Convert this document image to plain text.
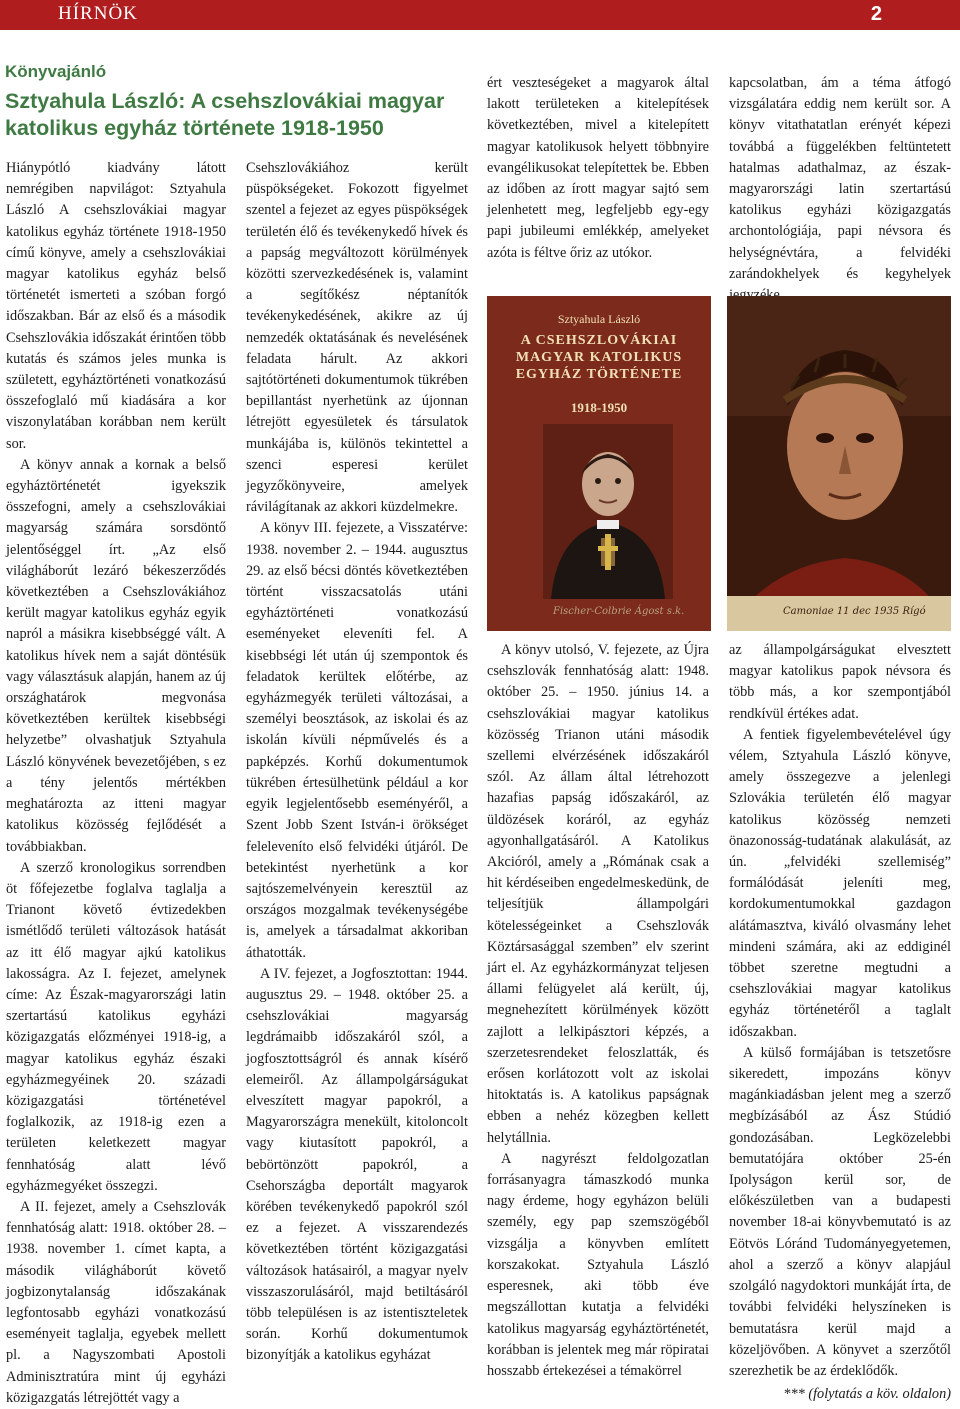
HÍRNÖK	2
Könyvajánló
Sztyahula László: A csehszlovákiai magyar katolikus egyház története 1918-1950

Hiánypótló kiadvány látott nemrégiben napvilágot: Sztyahula László A csehszlovákiai magyar katolikus egyház története 1918-1950 című könyve, amely a csehszlovákiai magyar katolikus egyház belső történetét ismerteti a szóban forgó időszakban. Bár az első és a második Csehszlovákia időszakát érintően több kutatás és számos jeles munka is született, egyháztörténeti vonatkozású összefoglaló mű kiadására a kor viszonylatában korábban nem került sor.

A könyv annak a kornak a belső egyháztörténetét igyekszik összefogni, amely a csehszlovákiai magyarság számára sorsdöntő jelentőséggel írt. „Az első világháborút lezáró békeszerződés következtében a Csehszlovákiához került magyar katolikus egyház egyik napról a másikra kisebbséggé vált. A katolikus hívek nem a saját döntésük vagy választásuk alapján, hanem az új országhatárok megvonása következtében kerültek kisebbségi helyzetbe” olvashatjuk Sztyahula László könyvének bevezetőjében, s ez a tény jelentős mértékben meghatározta az itteni magyar katolikus közösség fejlődését a továbbiakban.

A szerző kronologikus sorrendben öt főfejezetbe foglalva taglalja a Trianont követő évtizedekben ismétlődő területi változások hatását az itt élő magyar ajkú katolikus lakosságra. Az I. fejezet, amelynek címe: Az Észak-magyarországi latin szertartású katolikus egyházi közigazgatás előzményei 1918-ig, a magyar katolikus egyház északi egyházmegyéinek 20. századi közigazgatási történetével foglalkozik, az 1918-ig ezen a területen keletkezett magyar fennhatóság alatt lévő egyházmegyéket összegzi.

A II. fejezet, amely a Csehszlovák fennhatóság alatt: 1918. október 28. – 1938. november 1. címet kapta, a második világháborút követő jogbizonytalanság időszakának legfontosabb egyházi vonatkozású eseményeit taglalja, egyebek mellett pl. a Nagyszombati Apostoli Adminisztratúra mint új egyházi közigazgatás létrejöttét vagy a

Csehszlovákiához került püspökségeket. Fokozott figyelmet szentel a fejezet az egyes püspökségek területén élő és tevékenykedő hívek és a papság megváltozott körülmények közötti szervezkedésének is, valamint a segítőkész néptanítók tevékenykedésének, akikre az új nemzedék oktatásának és nevelésének feladata hárult. Az akkori sajtótörténeti dokumentumok tükrében bepillantást nyerhetünk az újonnan létrejött egyesületek és társulatok munkájába is, különös tekintettel a szenci esperesi kerület jegyzőkönyveire, amelyek rávilágítanak az akkori küzdelmekre.

A könyv III. fejezete, a Visszatérve: 1938. november 2. – 1944. augusztus 29. az első bécsi döntés következtében történt visszacsatolás utáni egyháztörténeti vonatkozású eseményeket eleveníti fel. A kisebbségi lét után új szempontok és feladatok kerültek előtérbe, az egyházmegyék területi változásai, a személyi beosztások, az iskolai és az iskolán kívüli népművelés és a papképzés. Korhű dokumentumok tükrében értesülhetünk például a kor egyik legjelentősebb eseményéről, a Szent Jobb Szent István-i örökséget feleleveníto első felvidéki útjáról. De betekintést nyerhetünk a kor sajtószemelvényein keresztül az országos mozgalmak tevékenységébe is, amelyek a társadalmat akkoriban áthatották.

A IV. fejezet, a Jogfosztottan: 1944. augusztus 29. – 1948. október 25. a csehszlovákiai magyarság legdrámaibb időszakáról szól, a jogfosztottságról és annak kísérő elemeiről. Az állampolgárságukat elveszített magyar papokról, a Magyarországra menekült, kitoloncolt vagy kiutasított papokról, a bebörtönzött papokról, a Csehországba deportált magyarok körében tevékenykedő papokról szól ez a fejezet. A visszarendezés következtében történt közigazgatási változások hatásairól, a magyar nyelv visszaszorulásáról, majd betiltásáról több településen is az istentiszteletek során. Korhű dokumentumok bizonyítják a katolikus egyházat

ért veszteségeket a magyarok által lakott területeken a kitelepítések következtében, mivel a kitelepített magyar katolikusok helyett többnyire evangélikusokat telepítettek be. Ebben az időben az írott magyar sajtó sem jelenhetett meg, legfeljebb egy-egy papi jubileumi emlékkép, amelyeket azóta is féltve őriz az utókor.

kapcsolatban, ám a téma átfogó vizsgálatára eddig nem került sor. A könyv vitathatatlan erényét képezi továbbá a függelékben feltüntetett hatalmas adathalmaz, az észak-magyarországi latin szertartású katolikus egyházi közigazgatás archontológiája, papi névsora és helységnévtára, a felvidéki zarándokhelyek és kegyhelyek

Sztyahula László
A CSEHSZLOVÁKIAI MAGYAR KATOLIKUS EGYHÁZ TÖRTÉNETE
1918-1950
Fischer-Colbrie Ágost s.k.	Camoniae 11 dec 1935 Rígó

A könyv utolsó, V. fejezete, az Újra csehszlovák fennhatóság alatt: 1948. október 25. – 1950. június 14. a csehszlovákiai magyar katolikus közösség Trianon utáni második szellemi elvérzésének időszakáról szól. Az állam által létrehozott hazafias papság időszakáról, az üldözések koráról, az egyház agyonhallgatásáról. A Katolikus Akcióról, amely a „Rómának csak a hit kérdéseiben engedelmeskedünk, de teljesítjük állampolgári kötelességeinket a Csehszlovák Köztársasággal szemben” elv szerint járt el. Az egyházkormányzat teljesen állami felügyelet alá került, új, megnehezített körülmények között zajlott a lelkipásztori képzés, a szerzetesrendeket feloszlatták, és erősen korlátozott volt az iskolai hitoktatás is. A katolikus papságnak ebben a nehéz közegben kellett helytállnia.

A nagyrészt feldolgozatlan forrásanyagra támaszkodó munka nagy érdeme, hogy egyházon belüli személy, egy pap szemszögéből vizsgálja a könyvben említett korszakokat. Sztyahula László esperesnek, aki több éve megszállottan kutatja a felvidéki katolikus magyarság egyháztörténetét, korábban is jelentek meg már röpiratai hosszabb értekezései a témakörrel

az állampolgárságukat elvesztett magyar katolikus papok névsora és több más, a kor szempontjából rendkívül értékes adat.

A fentiek figyelembevételével úgy vélem, Sztyahula László könyve, amely összegezve a jelenlegi Szlovákia területén élő magyar katolikus közösség nemzeti önazonosság-tudatának alakulását, az ún. „felvidéki szellemiség” formálódását jeleníti meg, kordokumentumokkal gazdagon alátámasztva, kiváló olvasmány lehet mindeni számára, aki az eddiginél többet szeretne megtudni a csehszlovákiai magyar katolikus egyház történetéről a taglalt időszakban.

A külső formájában is tetszetősre sikeredett, impozáns könyv magánkiadásban jelent meg a szerző megbízásából az Ász Stúdió gondozásában. Legközelebbi bemutatójára október 25-én Ipolyságon kerül sor, de előkészületben van a budapesti november 18-ai könyvbemutató is az Eötvös Lóránd Tudományegyetemen, ahol a szerző a könyv alapjául szolgáló nagydoktori munkáját írta, de további felvidéki helyszíneken is bemutatásra kerül majd a közeljövőben. A könyvet a szerzőtől szerezhetik be az érdeklődők.

*** (folytatás a köv. oldalon)
